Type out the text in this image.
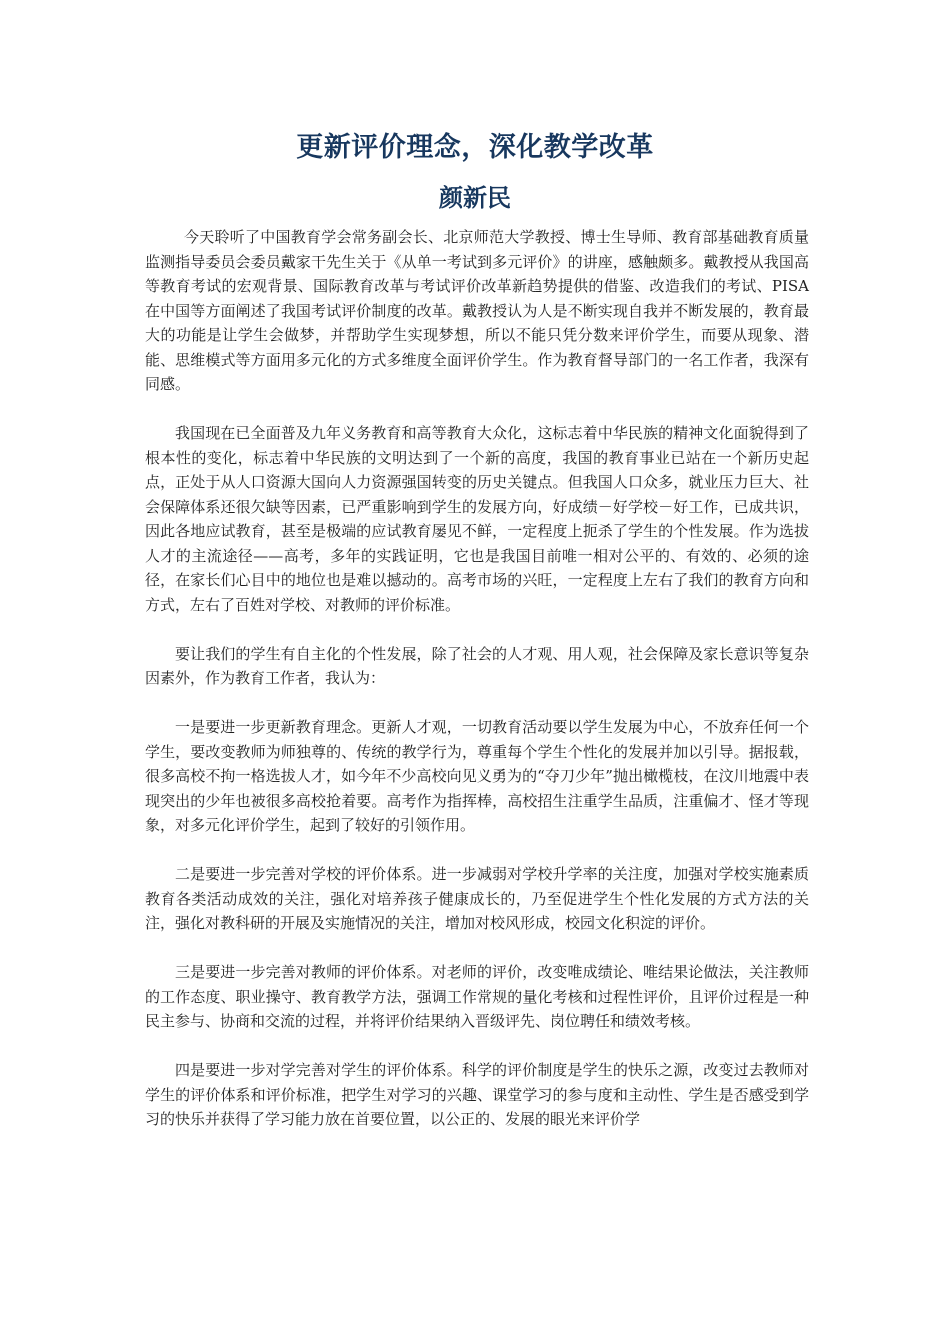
更新评价理念，深化教学改革
颜新民

今天聆听了中国教育学会常务副会长、北京师范大学教授、博士生导师、教育部基础教育质量监测指导委员会委员戴家干先生关于《从单一考试到多元评价》的讲座，感触颇多。戴教授从我国高等教育考试的宏观背景、国际教育改革与考试评价改革新趋势提供的借鉴、改造我们的考试、PISA在中国等方面阐述了我国考试评价制度的改革。戴教授认为人是不断实现自我并不断发展的，教育最大的功能是让学生会做梦，并帮助学生实现梦想，所以不能只凭分数来评价学生，而要从现象、潜能、思维模式等方面用多元化的方式多维度全面评价学生。作为教育督导部门的一名工作者，我深有同感。

我国现在已全面普及九年义务教育和高等教育大众化，这标志着中华民族的精神文化面貌得到了根本性的变化，标志着中华民族的文明达到了一个新的高度，我国的教育事业已站在一个新历史起点，正处于从人口资源大国向人力资源强国转变的历史关键点。但我国人口众多，就业压力巨大、社会保障体系还很欠缺等因素，已严重影响到学生的发展方向，好成绩－好学校－好工作，已成共识，因此各地应试教育，甚至是极端的应试教育屡见不鲜，一定程度上扼杀了学生的个性发展。作为选拔人才的主流途径——高考，多年的实践证明，它也是我国目前唯一相对公平的、有效的、必须的途径，在家长们心目中的地位也是难以撼动的。高考市场的兴旺，一定程度上左右了我们的教育方向和方式，左右了百姓对学校、对教师的评价标准。

要让我们的学生有自主化的个性发展，除了社会的人才观、用人观，社会保障及家长意识等复杂因素外，作为教育工作者，我认为：

一是要进一步更新教育理念。更新人才观，一切教育活动要以学生发展为中心，不放弃任何一个学生，要改变教师为师独尊的、传统的教学行为，尊重每个学生个性化的发展并加以引导。据报载，很多高校不拘一格选拔人才，如今年不少高校向见义勇为的“夺刀少年”抛出橄榄枝，在汶川地震中表现突出的少年也被很多高校抢着要。高考作为指挥棒，高校招生注重学生品质，注重偏才、怪才等现象，对多元化评价学生，起到了较好的引领作用。

二是要进一步完善对学校的评价体系。进一步减弱对学校升学率的关注度，加强对学校实施素质教育各类活动成效的关注，强化对培养孩子健康成长的，乃至促进学生个性化发展的方式方法的关注，强化对教科研的开展及实施情况的关注，增加对校风形成，校园文化积淀的评价。

三是要进一步完善对教师的评价体系。对老师的评价，改变唯成绩论、唯结果论做法，关注教师的工作态度、职业操守、教育教学方法，强调工作常规的量化考核和过程性评价，且评价过程是一种民主参与、协商和交流的过程，并将评价结果纳入晋级评先、岗位聘任和绩效考核。

四是要进一步对学完善对学生的评价体系。科学的评价制度是学生的快乐之源，改变过去教师对学生的评价体系和评价标准，把学生对学习的兴趣、课堂学习的参与度和主动性、学生是否感受到学习的快乐并获得了学习能力放在首要位置，以公正的、发展的眼光来评价学
